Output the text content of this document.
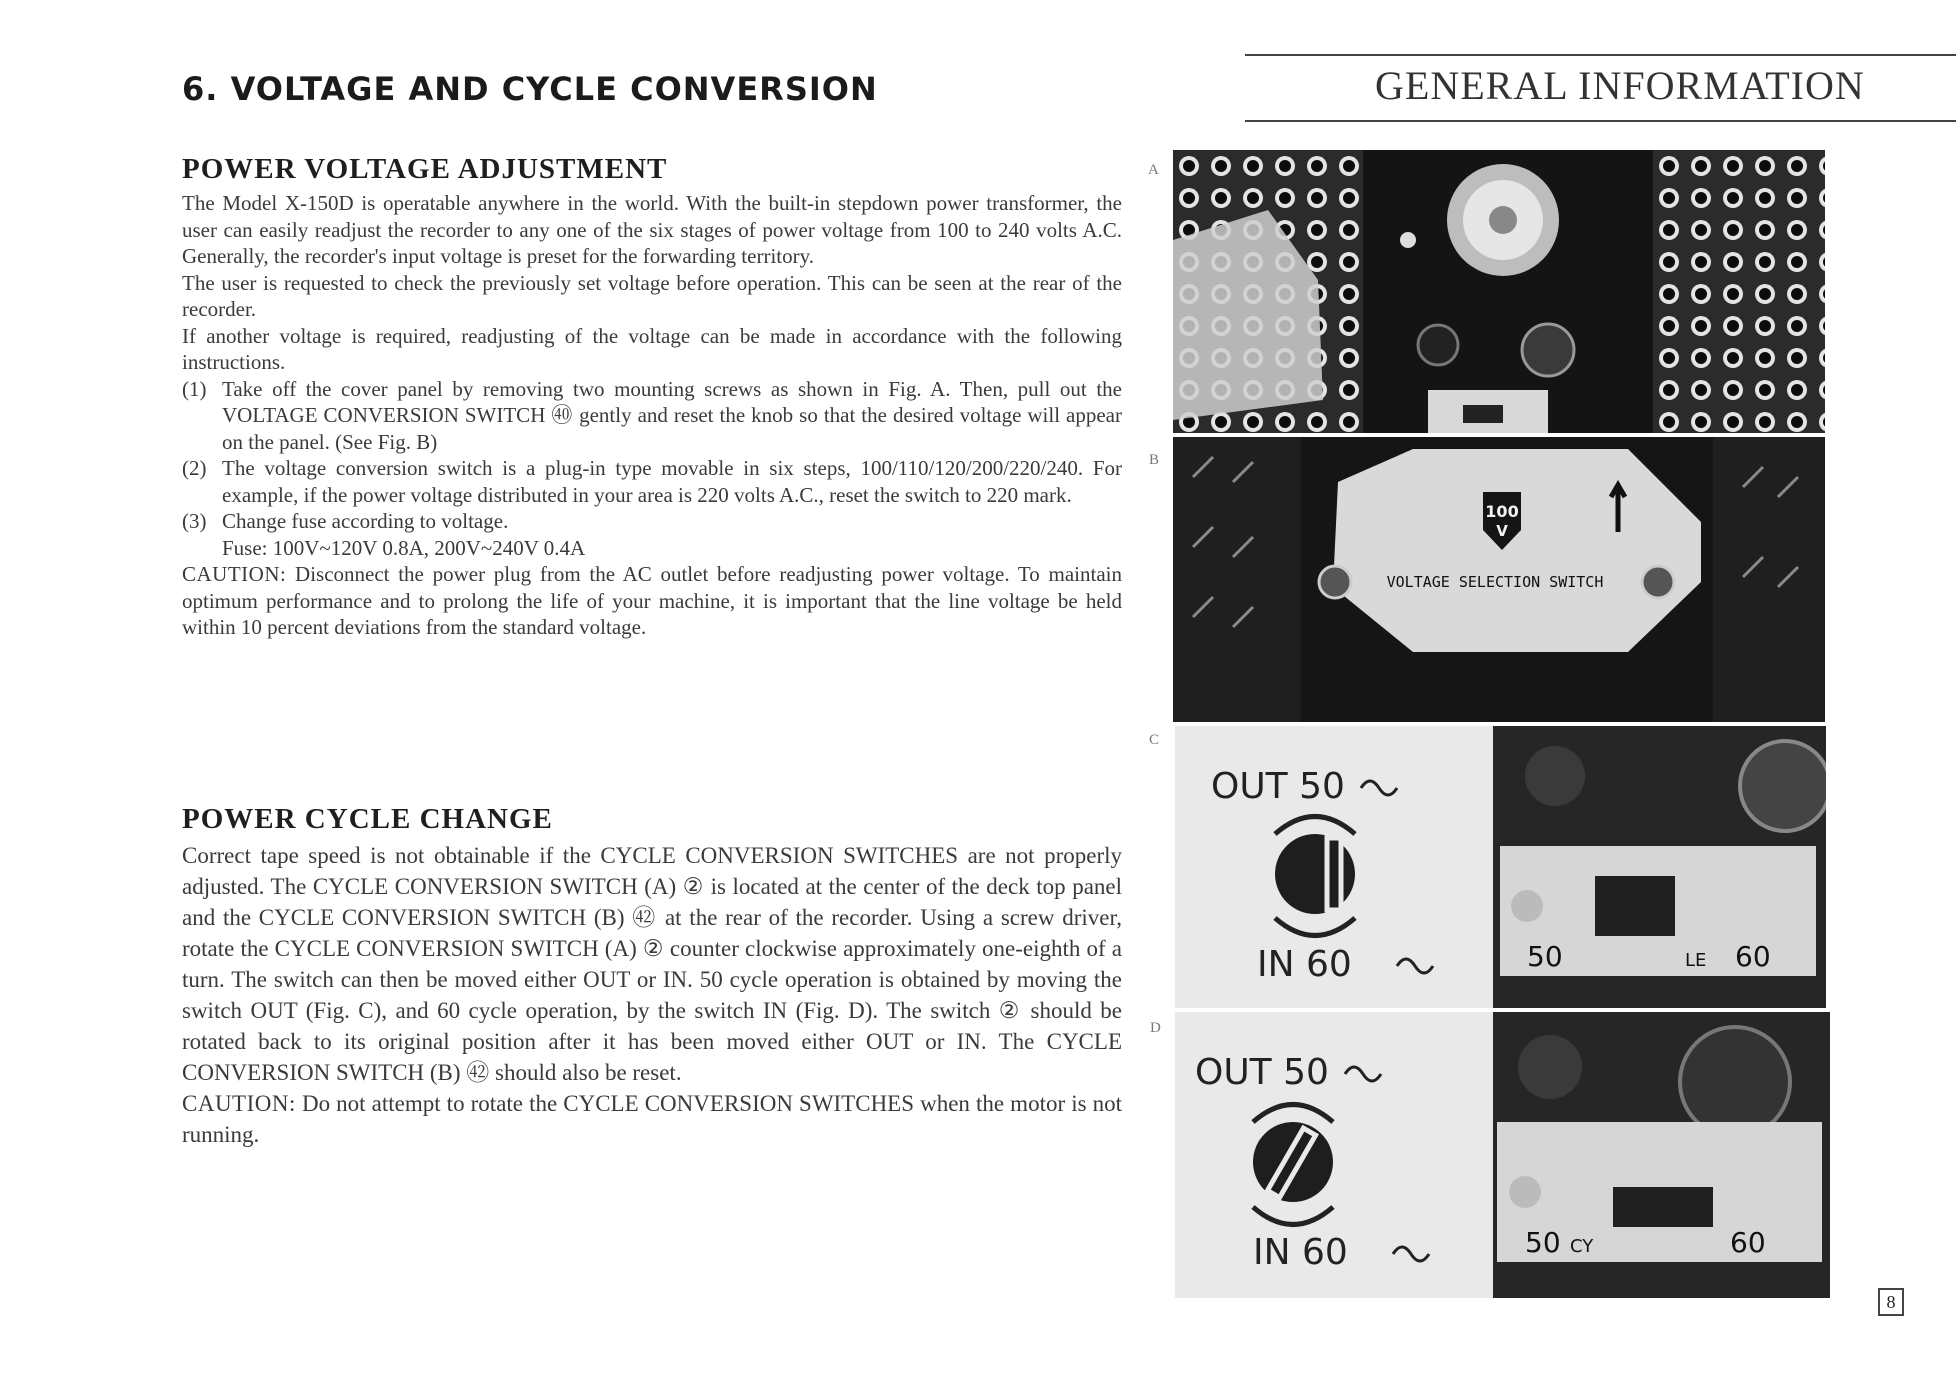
6. VOLTAGE AND CYCLE CONVERSION	GENERAL INFORMATION
POWER VOLTAGE ADJUSTMENT

The Model X-150D is operatable anywhere in the world. With the built-in stepdown power transformer, the user can easily readjust the recorder to any one of the six stages of power voltage from 100 to 240 volts A.C. Generally, the recorder's input voltage is preset for the forwarding territory.

The user is requested to check the previously set voltage before operation. This can be seen at the rear of the recorder.

If another voltage is required, readjusting of the voltage can be made in accordance with the following instructions.

(1) Take off the cover panel by removing two mounting screws as shown in Fig. A. Then, pull out the VOLTAGE CONVERSION SWITCH ㊵ gently and reset the knob so that the desired voltage will appear on the panel. (See Fig. B)
(2) The voltage conversion switch is a plug-in type movable in six steps, 100/110/120/200/220/240. For example, if the power voltage distributed in your area is 220 volts A.C., reset the switch to 220 mark.
(3) Change fuse according to voltage.
Fuse: 100V~120V 0.8A, 200V~240V 0.4A

CAUTION: Disconnect the power plug from the AC outlet before readjusting power voltage. To maintain optimum performance and to prolong the life of your machine, it is important that the line voltage be held within 10 percent deviations from the standard voltage.

POWER CYCLE CHANGE

Correct tape speed is not obtainable if the CYCLE CONVERSION SWITCHES are not properly adjusted. The CYCLE CONVERSION SWITCH (A) ② is located at the center of the deck top panel and the CYCLE CONVERSION SWITCH (B) ㊷ at the rear of the recorder. Using a screw driver, rotate the CYCLE CONVERSION SWITCH (A) ② counter clockwise approximately one-eighth of a turn. The switch can then be moved either OUT or IN. 50 cycle operation is obtained by moving the switch OUT (Fig. C), and 60 cycle operation, by the switch IN (Fig. D). The switch ② should be rotated back to its original position after it has been moved either OUT or IN. The CYCLE CONVERSION SWITCH (B) ㊷ should also be reset.

CAUTION: Do not attempt to rotate the CYCLE CONVERSION SWITCHES when the motor is not running.

A
B
C
D
100
V
VOLTAGE SELECTION SWITCH
OUT 50
IN 60	50	LE 60
OUT 50
IN 60	50 CY	60
8
